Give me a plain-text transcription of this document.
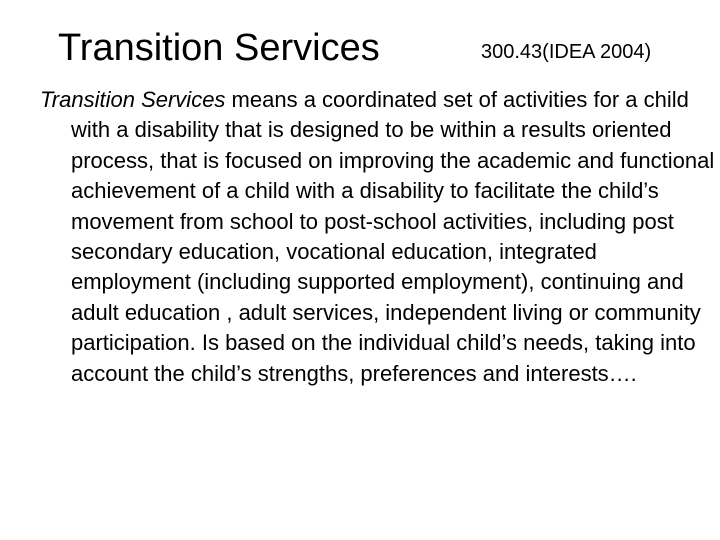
Transition Services	300.43(IDEA 2004)

Transition Services means a coordinated set of activities for a child with a disability that is designed to be within a results oriented process, that is focused on improving the academic and functional achievement of a child with a disability to facilitate the child’s movement from school to post-school activities, including post secondary education, vocational education, integrated employment (including supported employment), continuing and adult education , adult services, independent living or community participation. Is based on the individual child’s needs, taking into account the child’s strengths, preferences and interests….
